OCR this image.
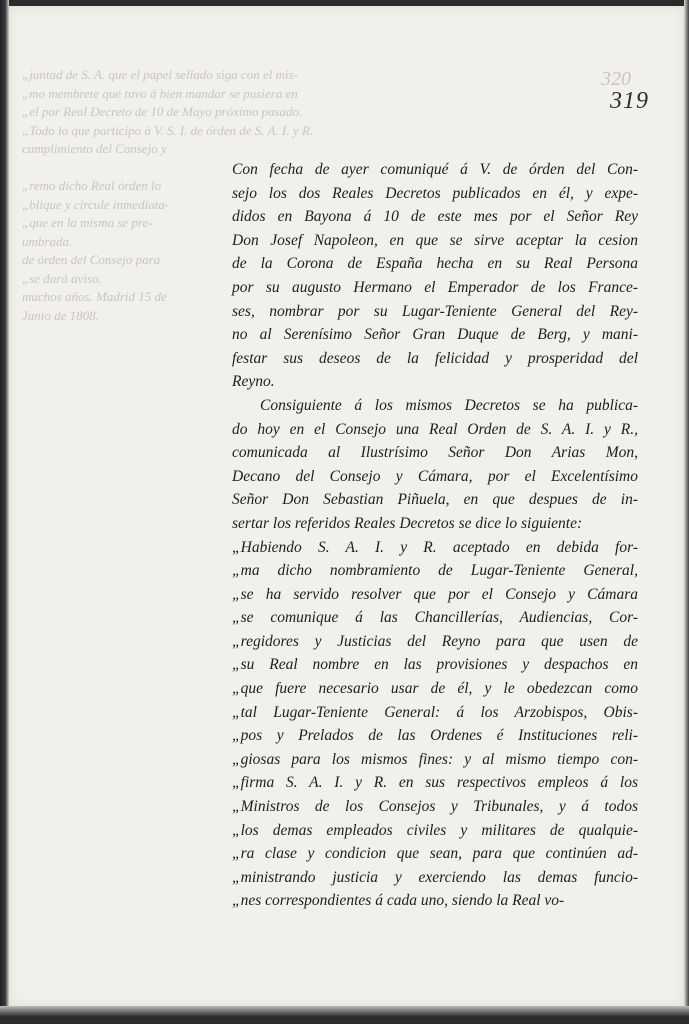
320
319
„juntad de S. A. que el papel sellado siga con el mis-
„mo membrete que tuvo á bien mandar se pusiera en
„el por Real Decreto de 10 de Mayo próximo pasado.
„Todo lo que participo á V. S. I. de órden de S. A. I. y R.
cumplimiento del Consejo y
„remo dicho Real órden lo
„blique y circule inmediata-
„que en la misma se pre-
umbrada.
de órden del Consejo para
„se dará aviso.
muchos años. Madrid 15 de
Junio de 1808.
Con fecha de ayer comuniqué á V. de órden del Con-
sejo los dos Reales Decretos publicados en él, y expe-
didos en Bayona á 10 de este mes por el Señor Rey
Don Josef Napoleon, en que se sirve aceptar la cesion
de la Corona de España hecha en su Real Persona
por su augusto Hermano el Emperador de los France-
ses, nombrar por su Lugar-Teniente General del Rey-
no al Serenísimo Señor Gran Duque de Berg, y mani-
festar sus deseos de la felicidad y prosperidad del
Reyno.
Consiguiente á los mismos Decretos se ha publica-
do hoy en el Consejo una Real Orden de S. A. I. y R.,
comunicada al Ilustrísimo Señor Don Arias Mon,
Decano del Consejo y Cámara, por el Excelentísimo
Señor Don Sebastian Piñuela, en que despues de in-
sertar los referidos Reales Decretos se dice lo siguiente:
„Habiendo S. A. I. y R. aceptado en debida for-
„ma dicho nombramiento de Lugar-Teniente General,
„se ha servido resolver que por el Consejo y Cámara
„se comunique á las Chancillerías, Audiencias, Cor-
„regidores y Justicias del Reyno para que usen de
„su Real nombre en las provisiones y despachos en
„que fuere necesario usar de él, y le obedezcan como
„tal Lugar-Teniente General: á los Arzobispos, Obis-
„pos y Prelados de las Ordenes é Instituciones reli-
„giosas para los mismos fines: y al mismo tiempo con-
„firma S. A. I. y R. en sus respectivos empleos á los
„Ministros de los Consejos y Tribunales, y á todos
„los demas empleados civiles y militares de qualquie-
„ra clase y condicion que sean, para que continúen ad-
„ministrando justicia y exerciendo las demas funcio-
„nes correspondientes á cada uno, siendo la Real vo-
